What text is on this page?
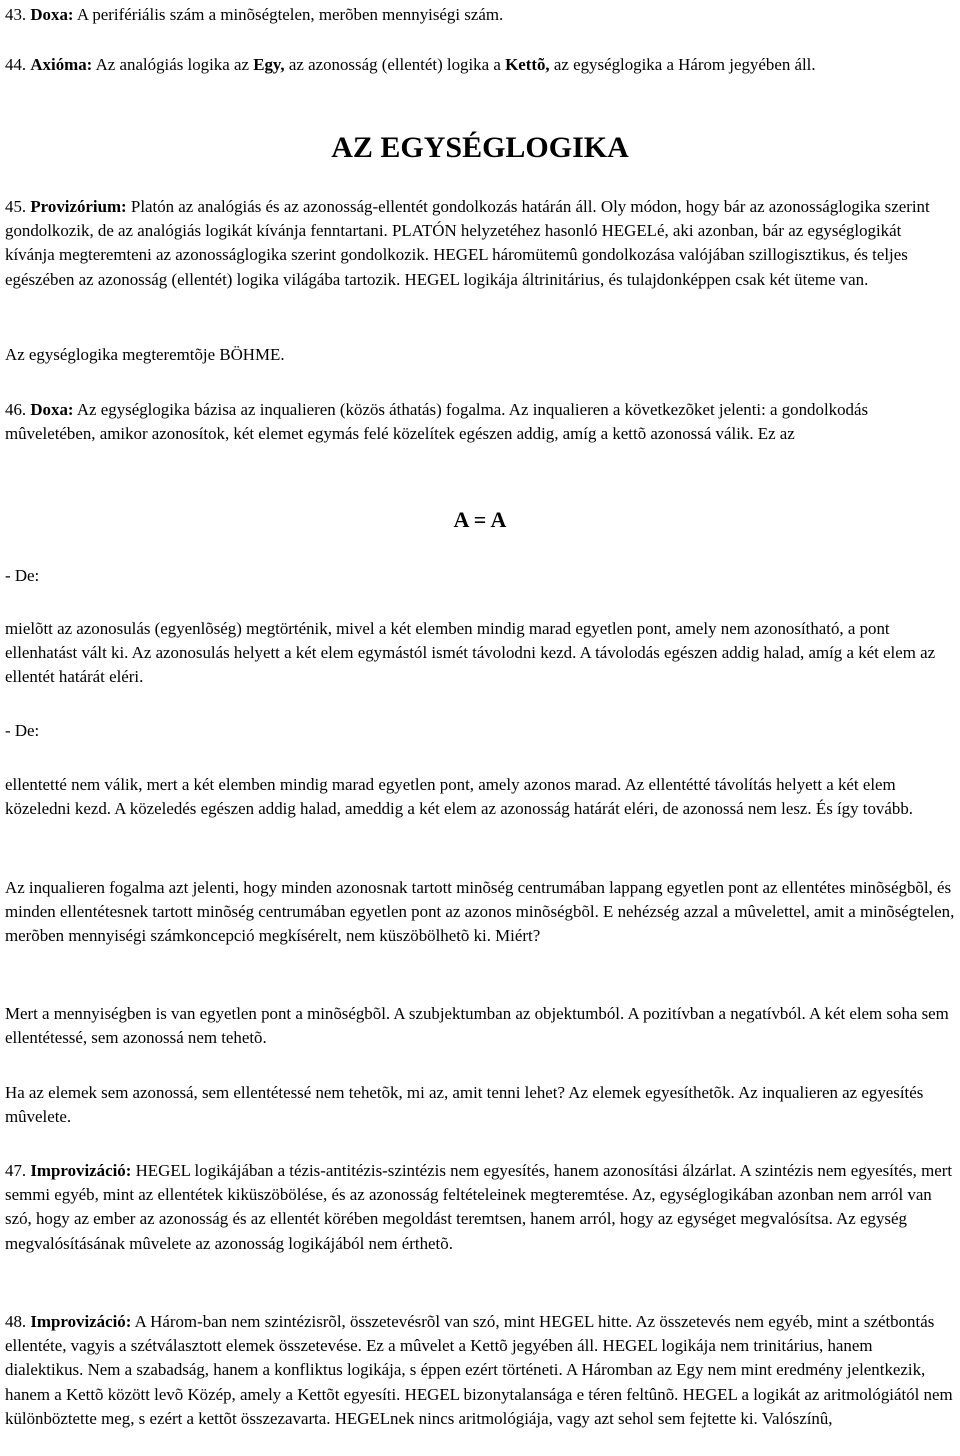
43. Doxa: A perifériális szám a minõségtelen, merõben mennyiségi szám.

44. Axióma: Az analógiás logika az Egy, az azonosság (ellentét) logika a Kettõ, az egységlogika a Három jegyében áll.

AZ EGYSÉGLOGIKA

45. Provizórium: Platón az analógiás és az azonosság-ellentét gondolkozás határán áll. Oly módon, hogy bár az azonosságlogika szerint gondolkozik, de az analógiás logikát kívánja fenntartani. PLATÓN helyzetéhez hasonló HEGELé, aki azonban, bár az egységlogikát kívánja megteremteni az azonosságlogika szerint gondolkozik. HEGEL háromütemû gondolkozása valójában szillogisztikus, és teljes egészében az azonosság (ellentét) logika világába tartozik. HEGEL logikája áltrinitárius, és tulajdonképpen csak két üteme van.

Az egységlogika megteremtõje BÖHME.

46. Doxa: Az egységlogika bázisa az inqualieren (közös áthatás) fogalma. Az inqualieren a következõket jelenti: a gondolkodás mûveletében, amikor azonosítok, két elemet egymás felé közelítek egészen addig, amíg a kettõ azonossá válik. Ez az

A = A

- De:

mielõtt az azonosulás (egyenlõség) megtörténik, mivel a két elemben mindig marad egyetlen pont, amely nem azonosítható, a pont ellenhatást vált ki. Az azonosulás helyett a két elem egymástól ismét távolodni kezd. A távolodás egészen addig halad, amíg a két elem az ellentét határát eléri.

- De:

ellentetté nem válik, mert a két elemben mindig marad egyetlen pont, amely azonos marad. Az ellentétté távolítás helyett a két elem közeledni kezd. A közeledés egészen addig halad, ameddig a két elem az azonosság határát eléri, de azonossá nem lesz. És így tovább.

Az inqualieren fogalma azt jelenti, hogy minden azonosnak tartott minõség centrumában lappang egyetlen pont az ellentétes minõségbõl, és minden ellentétesnek tartott minõség centrumában egyetlen pont az azonos minõségbõl. E nehézség azzal a mûvelettel, amit a minõségtelen, merõben mennyiségi számkoncepció megkísérelt, nem küszöbölhetõ ki. Miért?

Mert a mennyiségben is van egyetlen pont a minõségbõl. A szubjektumban az objektumból. A pozitívban a negatívból. A két elem soha sem ellentétessé, sem azonossá nem tehetõ.

Ha az elemek sem azonossá, sem ellentétessé nem tehetõk, mi az, amit tenni lehet? Az elemek egyesíthetõk. Az inqualieren az egyesítés mûvelete.

47. Improvizáció: HEGEL logikájában a tézis-antitézis-szintézis nem egyesítés, hanem azonosítási álzárlat. A szintézis nem egyesítés, mert semmi egyéb, mint az ellentétek kiküszöbölése, és az azonosság feltételeinek megteremtése. Az, egységlogikában azonban nem arról van szó, hogy az ember az azonosság és az ellentét körében megoldást teremtsen, hanem arról, hogy az egységet megvalósítsa. Az egység megvalósításának mûvelete az azonosság logikájából nem érthetõ.

48. Improvizáció: A Három-ban nem szintézisrõl, összetevésrõl van szó, mint HEGEL hitte. Az összetevés nem egyéb, mint a szétbontás ellentéte, vagyis a szétválasztott elemek összetevése. Ez a mûvelet a Kettõ jegyében áll. HEGEL logikája nem trinitárius, hanem dialektikus. Nem a szabadság, hanem a konfliktus logikája, s éppen ezért történeti. A Háromban az Egy nem mint eredmény jelentkezik, hanem a Kettõ között levõ Közép, amely a Kettõt egyesíti. HEGEL bizonytalansága e téren feltûnõ. HEGEL a logikát az aritmológiától nem különböztette meg, s ezért a kettõt összezavarta. HEGELnek nincs aritmológiája, vagy azt sehol sem fejtette ki. Valószínû,
